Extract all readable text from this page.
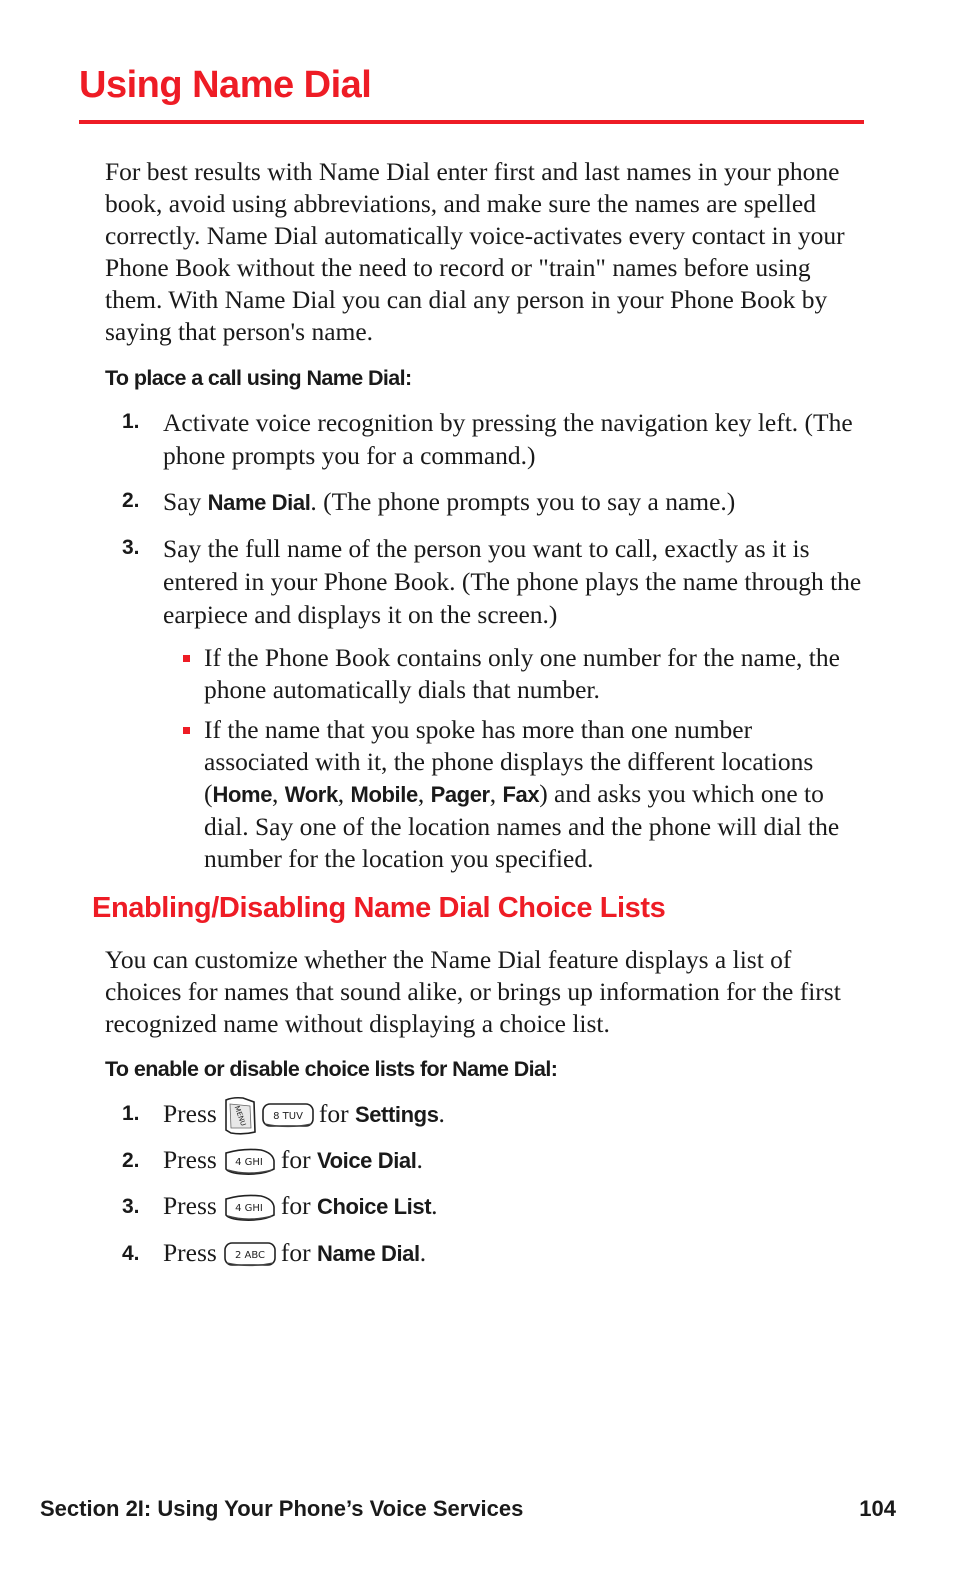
Using Name Dial

For best results with Name Dial enter first and last names in your phone book, avoid using abbreviations, and make sure the names are spelled correctly. Name Dial automatically voice-activates every contact in your Phone Book without the need to record or "train" names before using them. With Name Dial you can dial any person in your Phone Book by saying that person's name.

To place a call using Name Dial:

1. Activate voice recognition by pressing the navigation key left. (The phone prompts you for a command.)
2. Say Name Dial. (The phone prompts you to say a name.)
3. Say the full name of the person you want to call, exactly as it is entered in your Phone Book. (The phone plays the name through the earpiece and displays it on the screen.)
If the Phone Book contains only one number for the name, the phone automatically dials that number.
If the name that you spoke has more than one number associated with it, the phone displays the different locations (Home, Work, Mobile, Pager, Fax) and asks you which one to dial. Say one of the location names and the phone will dial the number for the location you specified.
Enabling/Disabling Name Dial Choice Lists

You can customize whether the Name Dial feature displays a list of choices for names that sound alike, or brings up information for the first recognized name without displaying a choice list.

To enable or disable choice lists for Name Dial:

1. Press MENU	8 TUV for Settings.
2. Press 4 GHI for Voice Dial.
3. Press 4 GHI for Choice List.
4. Press 2 ABC for Name Dial.
Section 2I: Using Your Phone’s Voice Services	104
